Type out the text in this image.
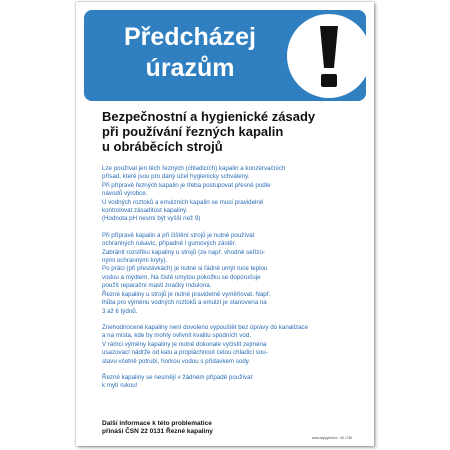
Předcházej
úrazům
Bezpečnostní a hygienické zásady
při používání řezných kapalin
u obráběcích strojů

Lze používat jen těch řezných (chladicích) kapalin a konzervačních
přísad, které jsou pro daný účel hygienicky schváleny.
Při přípravě řezných kapalin je třeba postupovat přesně podle
návodů výrobce.
U vodných roztoků a emulzních kapalin se musí pravidelně
kontrolovat zásaditost kapaliny.
(Hodnota pH nesmí být vyšší než 9)

Při přípravě kapalin a při čištění strojů je nutné používat
ochranných rukavic, případně i gumových zástěr.
Zabránit rozstřiku kapaliny u strojů (ze např. vhodně seřízo-
nými ochrannými kryty).
Po práci (při přestávkách) je nutné si řádně umýt ruce teplou
vodou a mýdlem. Na čisté umytou pokožku se doporučuje
použít reparační masti značky Indulona.
Řezné kapaliny u strojů je nutné pravidelně vyměňovat. Např.
lhůta pro výměnu vodných roztoků a emulzí je stanovena na
3 až 6 týdnů.

Znehodnocené kapaliny není dovoleno vypouštět bez úpravy do kanalizace
a na místa, kde by mohly ovlivnit kvalitu spodních vod.
V rámci výměny kapaliny je nutné dokonale vyčistit zejména
usazovací nádrže od kalu a propláchnout celou chladicí sou-
stavu včetně potrubí, horkou vodou s přídavkem sody.

Řezné kapaliny se nesmějí v žádném případě používat
k mytí rukou!

Další informace k této problematice
přináší ČSN 22 0131 Řezné kapaliny
www.happyend.cz · 60 1736
